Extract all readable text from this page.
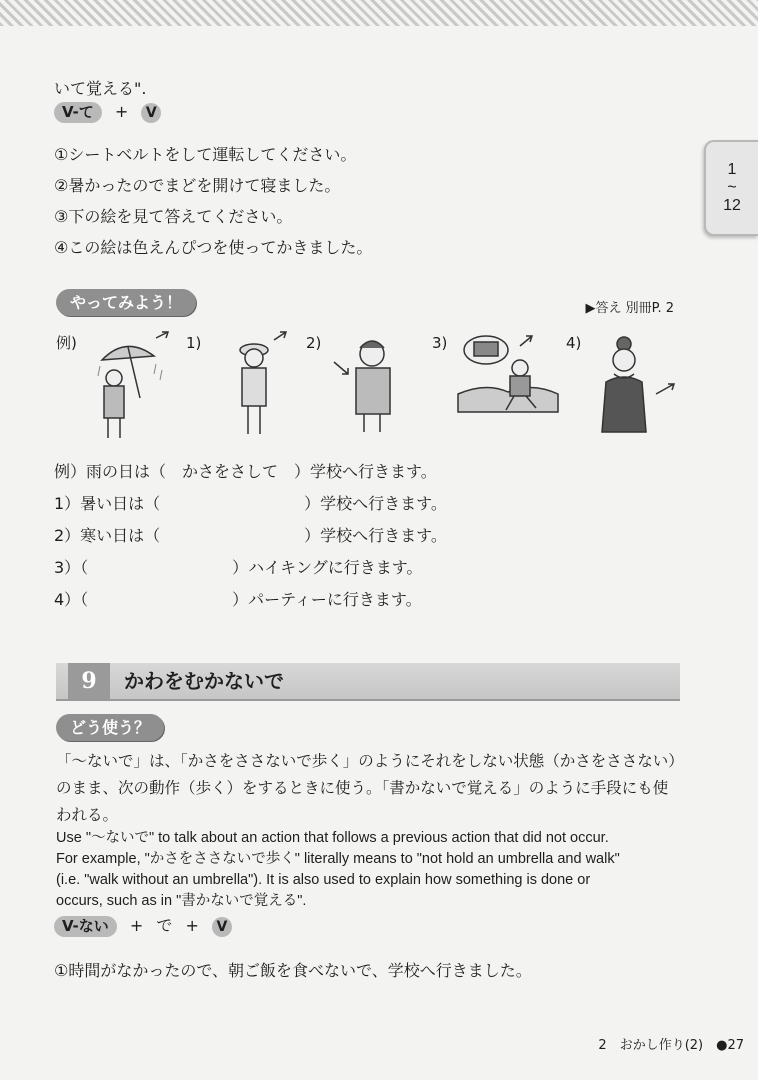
1
~
12
いて覚える".
V-て + V
①シートベルトをして運転してください。
②暑かったのでまどを開けて寝ました。
③下の絵を見て答えてください。
④この絵は色えんぴつを使ってかきました。
やってみよう！	▶答え 別冊P. 2
例)	1)	2)	3)	4)
例）雨の日は（　かさをさして　）学校へ行きます。
1）暑い日は（　　　　　　　　　）学校へ行きます。
2）寒い日は（　　　　　　　　　）学校へ行きます。
3）（　　　　　　　　　）ハイキングに行きます。
4）（　　　　　　　　　）パーティーに行きます。
9	かわをむかないで
どう使う？
「～ないで」は、「かさをささないで歩く」のようにそれをしない状態（かさをささない）
のまま、次の動作（歩く）をするときに使う。「書かないで覚える」のように手段にも使
われる。
Use "～ないで" to talk about an action that follows a previous action that did not occur.
For example, "かさをささないで歩く" literally means to "not hold an umbrella and walk"
(i.e. "walk without an umbrella"). It is also used to explain how something is done or
occurs, such as in "書かないで覚える".
V-ない + で + V
①時間がなかったので、朝ご飯を食べないで、学校へ行きました。
2　おかし作り(2)　●27
